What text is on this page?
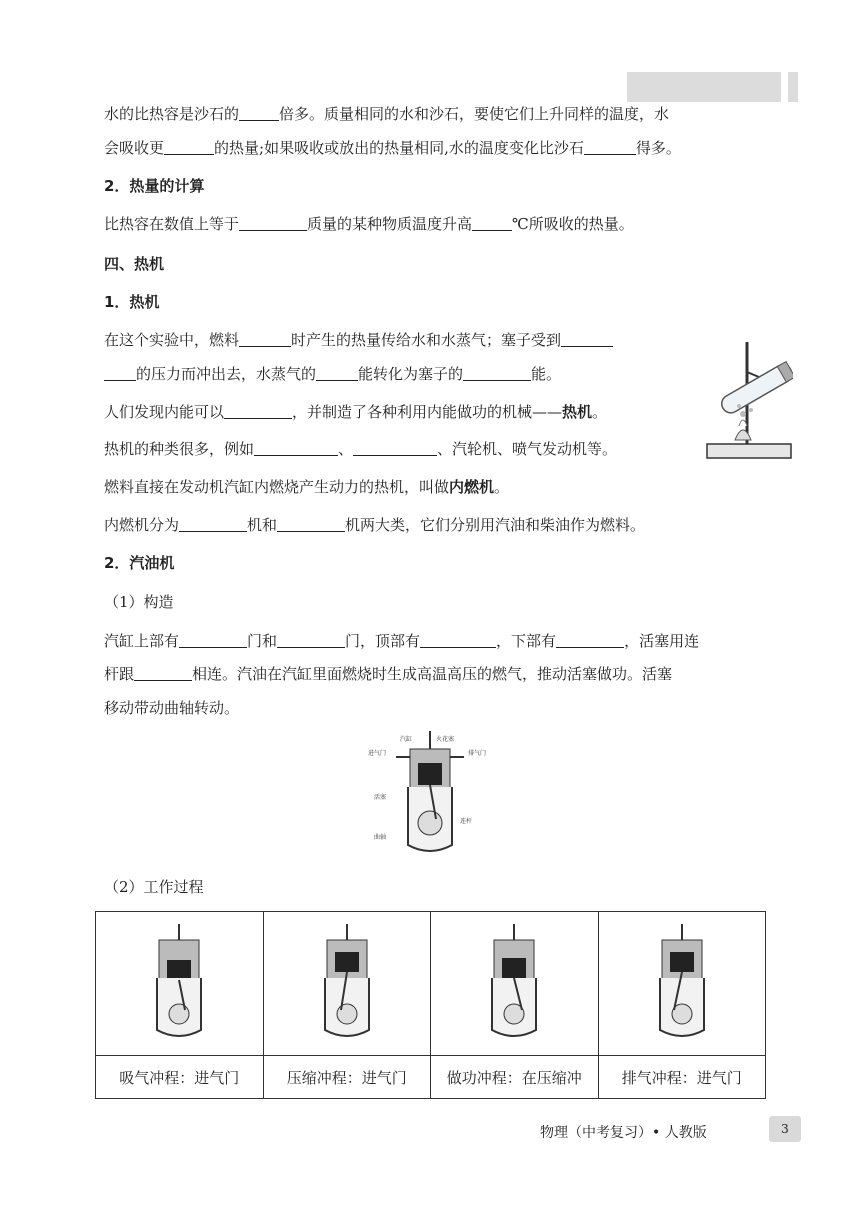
水的比热容是沙石的	倍多。质量相同的水和沙石，要使它们上升同样的温度，水
会吸收更	的热量;如果吸收或放出的热量相同,水的温度变化比沙石	得多。
2．热量的计算
比热容在数值上等于	质量的某种物质温度升高	℃所吸收的热量。
四、热机
1．热机
在这个实验中，燃料	时产生的热量传给水和水蒸气；塞子受到
的压力而冲出去，水蒸气的	能转化为塞子的	能。
人们发现内能可以	，并制造了各种利用内能做功的机械——热机。
热机的种类很多，例如	、	、汽轮机、喷气发动机等。
燃料直接在发动机汽缸内燃烧产生动力的热机，叫做内燃机。
内燃机分为	机和	机两大类，它们分别用汽油和柴油作为燃料。
2．汽油机
（1）构造
汽缸上部有	门和	门，顶部有	，下部有	，活塞用连
杆跟	相连。汽油在汽缸里面燃烧时生成高温高压的燃气，推动活塞做功。活塞
移动带动曲轴转动。
汽缸	火花塞
进气门	排气门
活塞
连杆
曲轴
（2）工作过程

吸气冲程：进气门	压缩冲程：进气门	做功冲程：在压缩冲	排气冲程：进气门
物理（中考复习）• 人教版	3
